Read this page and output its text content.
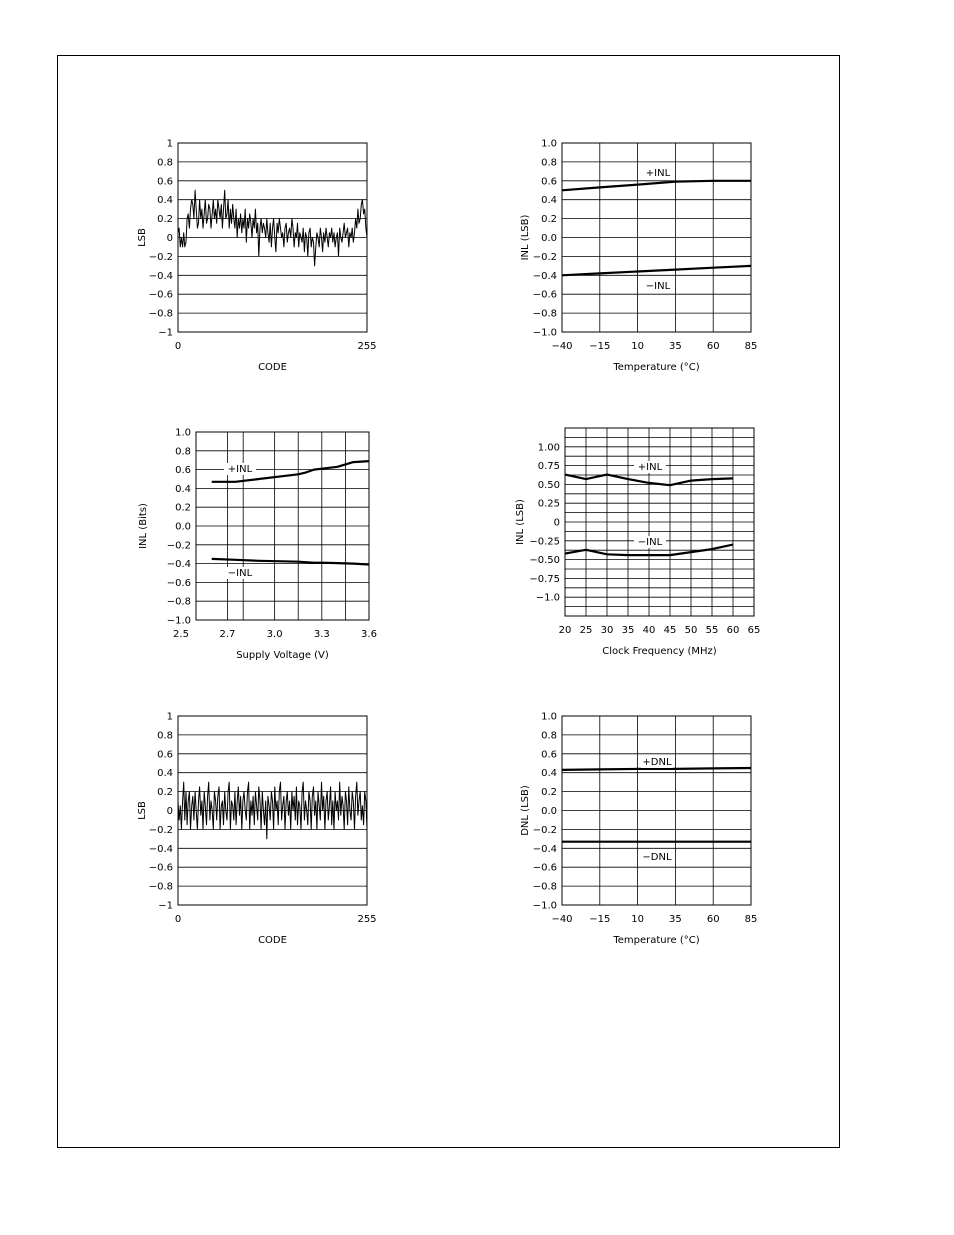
1
0.8
0.6
0.4
0.2
0
−0.2
−0.4
−0.6
−0.8
−1
0	255
CODE
LSB
1.0
0.8
0.6
0.4
0.2
0.0
−0.2
−0.4
−0.6
−0.8
−1.0
−40 −15 10	35	60	85
Temperature (°C)
INL (LSB)
+INL
−INL
1.0
0.8
0.6
0.4
0.2
0.0
−0.2
−0.4
−0.6
−0.8
−1.0
2.5	2.7	3.0	3.3	3.6
Supply Voltage (V)
INL (Bits)
+INL
−INL
1.00
0.75
0.50
0.25
0
−0.25
−0.50
−0.75
−1.0
20 25 30 35 40 45 50 55 60 65
Clock Frequency (MHz)
INL (LSB)
+INL
−INL
1
0.8
0.6
0.4
0.2
0
−0.2
−0.4
−0.6
−0.8
−1
0	255
CODE
LSB
1.0
0.8
0.6
0.4
0.2
0.0
−0.2
−0.4
−0.6
−0.8
−1.0
−40 −15 10	35	60	85
Temperature (°C)
DNL (LSB)
+DNL
−DNL
